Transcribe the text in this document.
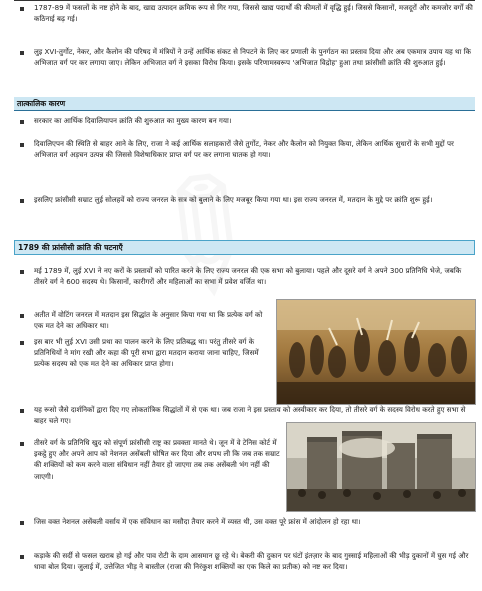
1787-89 में फसलों के नष्ट होने के बाद, खाद्य उत्पादन क्रमिक रूप से गिर गया, जिससे खाद्य पदार्थों की कीमतों में वृद्धि हुई। जिससे किसानों, मजदूरों और कमजोर वर्गों की कठिनाई बढ़ गई।
लुइ XVI-तुर्गोट, नेकर, और कैलोन की परिषद में मंत्रियों ने उन्हें आर्थिक संकट से निपटने के लिए कर प्रणाली के पुनर्गठन का प्रस्ताव दिया और अब एकमात्र उपाय यह था कि अभिजात वर्ग पर कर लगाया जाए। लेकिन अभिजात वर्ग ने इसका विरोध किया। इसके परिणामस्वरूप 'अभिजात विद्रोह' हुआ तथा फ्रांसीसी क्रांति की शुरुआत हुई।
तात्कालिक कारण
सरकार का आर्थिक दिवालियापन क्रांति की शुरुआत का मुख्य कारण बन गया।
दिवालिएपन की स्थिति से बाहर आने के लिए, राजा ने कई आर्थिक सलाहकारों जैसे तुर्गोट, नेकर और कैलोन को नियुक्त किया, लेकिन आर्थिक सुधारों के सभी मुद्दों पर अभिजात वर्ग अड़चन उत्पन्न की जिससे विशेषाधिकार प्राप्त वर्ग पर कर लगाना घातक हो गया।
इसलिए फ्रांसीसी सम्राट लुई सोलहवें को राज्य जनरल के सत्र को बुलाने के लिए मजबूर किया गया था। इस राज्य जनरल में, मतदान के मुद्दे पर क्रांति शुरू हुई।
1789 की फ्रांसीसी क्रांति की घटनाएँ
मई 1789 में, लुई XVI ने नए करों के प्रस्तावों को पारित करने के लिए राज्य जनरल की एक सभा को बुलाया। पहले और दूसरे वर्ग ने अपने 300 प्रतिनिधि भेजे, जबकि तीसरे वर्ग ने 600 सदस्य थे। किसानों, कारीगरों और महिलाओं का सभा में प्रवेश वर्जित था।
अतीत में वोटिंग जनरल में मतदान इस सिद्धांत के अनुसार किया गया था कि प्रत्येक वर्ग को एक मत देने का अधिकार था।
इस बार भी लुई XVI उसी प्रथा का पालन करने के लिए प्रतिबद्ध था। परंतु तीसरे वर्ग के प्रतिनिधियों ने मांग रखी और कहा की पूरी सभा द्वारा मतदान कराया जाना चाहिए, जिसमें प्रत्येक सदस्य को एक मत देने का अधिकार प्राप्त होगा।
यह रूसो जैसे दार्शनिकों द्वारा दिए गए लोकतांत्रिक सिद्धांतों में से एक था। जब राजा ने इस प्रस्ताव को अस्वीकार कर दिया, तो तीसरे वर्ग के सदस्य विरोध करते हुए सभा से बाहर चले गए।
तीसरे वर्ग के प्रतिनिधि खुद को संपूर्ण फ्रांसीसी राष्ट्र का प्रवक्ता मानते थे। जून में वे टेनिस कोर्ट में इकट्ठे हुए और अपने आप को नेशनल असेंबली घोषित कर दिया और शपथ ली कि जब तक सम्राट की शक्तियों को कम करने वाला संविधान नहीं तैयार हो जाएगा तब तक असेंबली भंग नहीं की जाएगी।
जिस वक्त नेशनल असेंबली वर्साय में एक संविधान का मसौदा तैयार करने में व्यस्त थी, उस वक्त पूरे फ्रांस में आंदोलन हो रहा था।
कड़ाके की सर्दी से फसल खराब हो गई और पाव रोटी के दाम आसमान छू रहे थे। बेकरी की दुकान पर घंटों इंतज़ार के बाद गुस्साई महिलाओं की भीड़ दुकानों में घुस गई और धावा बोल दिया। जुलाई में, उत्तेजित भीड़ ने बास्तील (राजा की निरंकुश शक्तियों का एक किले का प्रतीक) को नष्ट कर दिया।
